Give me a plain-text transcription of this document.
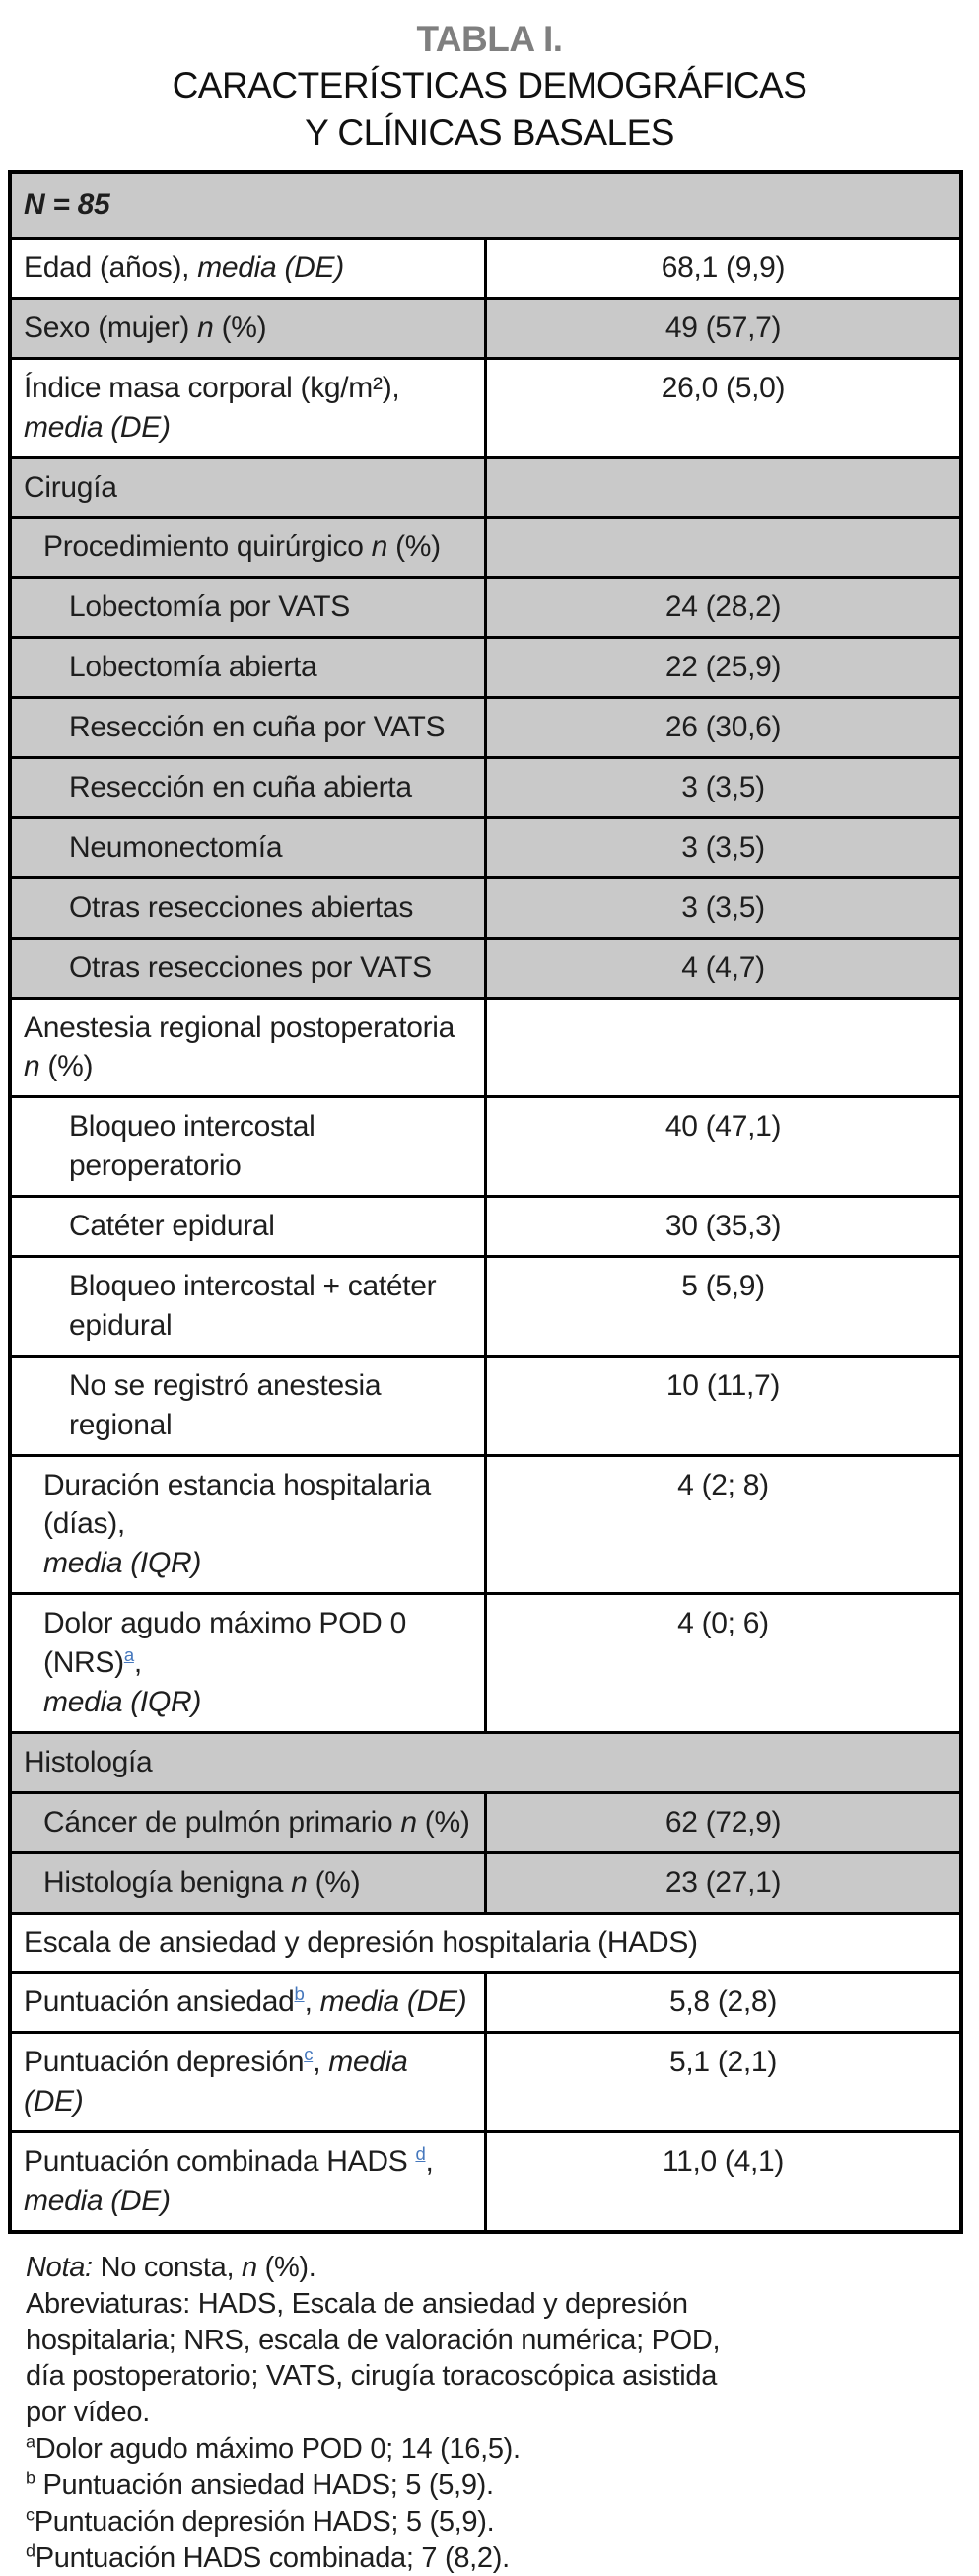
TABLA I.
CARACTERÍSTICAS DEMOGRÁFICAS
Y CLÍNICAS BASALES
N = 85	
Edad (años), media (DE)	68,1 (9,9)
Sexo (mujer) n (%)	49 (57,7)
Índice masa corporal (kg/m²),
media (DE)	26,0 (5,0)
Cirugía	
Procedimiento quirúrgico n (%)	
Lobectomía por VATS	24 (28,2)
Lobectomía abierta	22 (25,9)
Resección en cuña por VATS	26 (30,6)
Resección en cuña abierta	3 (3,5)
Neumonectomía	3 (3,5)
Otras resecciones abiertas	3 (3,5)
Otras resecciones por VATS	4 (4,7)
Anestesia regional postoperatoria n (%)	
Bloqueo intercostal peroperatorio	40 (47,1)
Catéter epidural	30 (35,3)
Bloqueo intercostal + catéter
epidural	5 (5,9)
No se registró anestesia regional	10 (11,7)
Duración estancia hospitalaria (días),
media (IQR)	4 (2; 8)
Dolor agudo máximo POD 0 (NRS)$^a$,
media (IQR)	4 (0; 6)
Histología	
Cáncer de pulmón primario n (%)	62 (72,9)
Histología benigna n (%)	23 (27,1)
Escala de ansiedad y depresión hospitalaria (HADS)	
Puntuación ansiedad$^b$, media (DE)	5,8 (2,8)
Puntuación depresión$^c$, media (DE)	5,1 (2,1)
Puntuación combinada HADS $^d$,
media (DE)	11,0 (4,1)
Nota: No consta, n (%).
Abreviaturas: HADS, Escala de ansiedad y depresión
hospitalaria; NRS, escala de valoración numérica; POD,
día postoperatorio; VATS, cirugía toracoscópica asistida
por vídeo.
$^a$Dolor agudo máximo POD 0; 14 (16,5).
$^b$ Puntuación ansiedad HADS; 5 (5,9).
$^c$Puntuación depresión HADS; 5 (5,9).
$^d$Puntuación HADS combinada; 7 (8,2).
